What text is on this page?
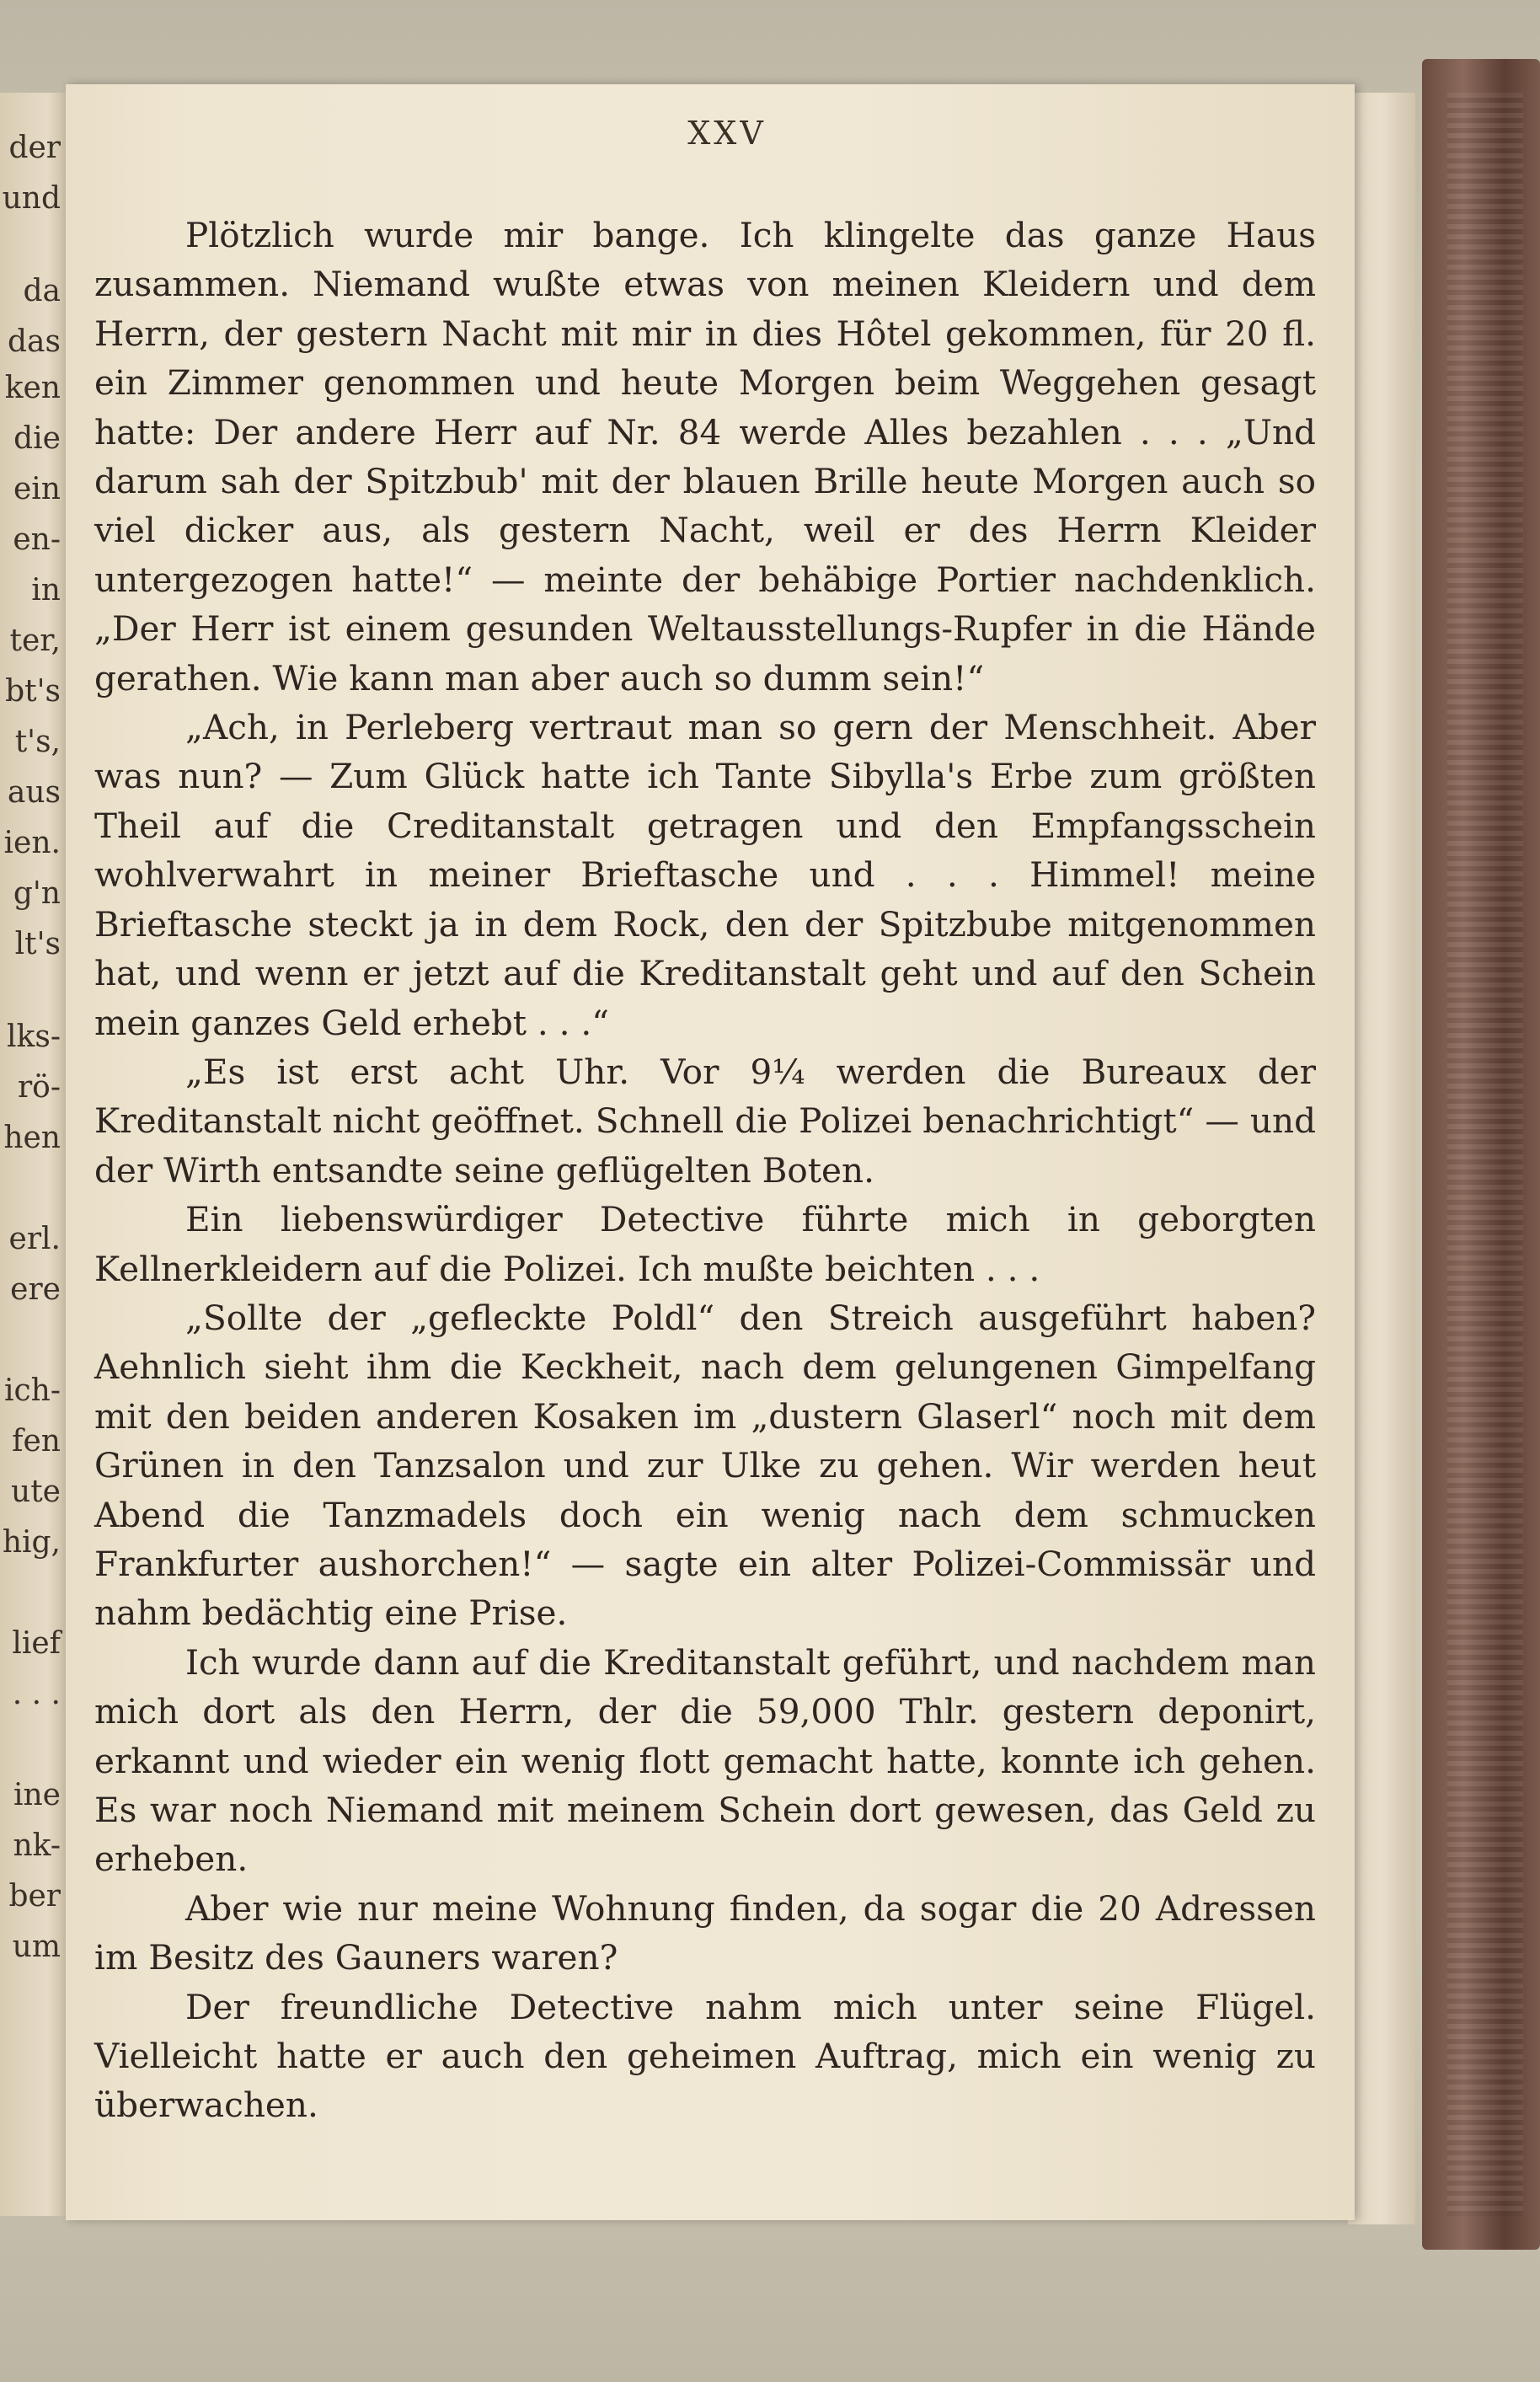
der
und
da
das
ken
die
ein
en-
in
ter,
bt's
t's,
aus
ien.
g'n
lt's
lks-
rö-
hen
erl.
ere
ich-
fen
ute
hig,
lief
. . .
ine
nk-
ber
um
XXV

Plötzlich wurde mir bange. Ich klingelte das ganze Haus zusammen. Niemand wußte etwas von meinen Kleidern und dem Herrn, der gestern Nacht mit mir in dies Hôtel gekommen, für 20 fl. ein Zimmer genommen und heute Morgen beim Weggehen gesagt hatte: Der andere Herr auf Nr. 84 werde Alles bezahlen . . . „Und darum sah der Spitzbub' mit der blauen Brille heute Morgen auch so viel dicker aus, als gestern Nacht, weil er des Herrn Kleider untergezogen hatte!“ — meinte der behäbige Portier nachdenklich. „Der Herr ist einem gesunden Weltausstellungs-Rupfer in die Hände gerathen. Wie kann man aber auch so dumm sein!“

„Ach, in Perleberg vertraut man so gern der Menschheit. Aber was nun? — Zum Glück hatte ich Tante Sibylla's Erbe zum größten Theil auf die Creditanstalt getragen und den Empfangsschein wohlverwahrt in meiner Brieftasche und . . . Himmel! meine Brieftasche steckt ja in dem Rock, den der Spitzbube mitgenommen hat, und wenn er jetzt auf die Kreditanstalt geht und auf den Schein mein ganzes Geld erhebt . . .“

„Es ist erst acht Uhr. Vor 9¼ werden die Bureaux der Kreditanstalt nicht geöffnet. Schnell die Polizei benachrichtigt“ — und der Wirth entsandte seine geflügelten Boten.

Ein liebenswürdiger Detective führte mich in geborgten Kellnerkleidern auf die Polizei. Ich mußte beichten . . .

„Sollte der „gefleckte Poldl“ den Streich ausgeführt haben? Aehnlich sieht ihm die Keckheit, nach dem gelungenen Gimpelfang mit den beiden anderen Kosaken im „dustern Glaserl“ noch mit dem Grünen in den Tanzsalon und zur Ulke zu gehen. Wir werden heut Abend die Tanzmadels doch ein wenig nach dem schmucken Frankfurter aushorchen!“ — sagte ein alter Polizei-Commissär und nahm bedächtig eine Prise.

Ich wurde dann auf die Kreditanstalt geführt, und nachdem man mich dort als den Herrn, der die 59,000 Thlr. gestern deponirt, erkannt und wieder ein wenig flott gemacht hatte, konnte ich gehen. Es war noch Niemand mit meinem Schein dort gewesen, das Geld zu erheben.

Aber wie nur meine Wohnung finden, da sogar die 20 Adressen im Besitz des Gauners waren?

Der freundliche Detective nahm mich unter seine Flügel. Vielleicht hatte er auch den geheimen Auftrag, mich ein wenig zu überwachen.
